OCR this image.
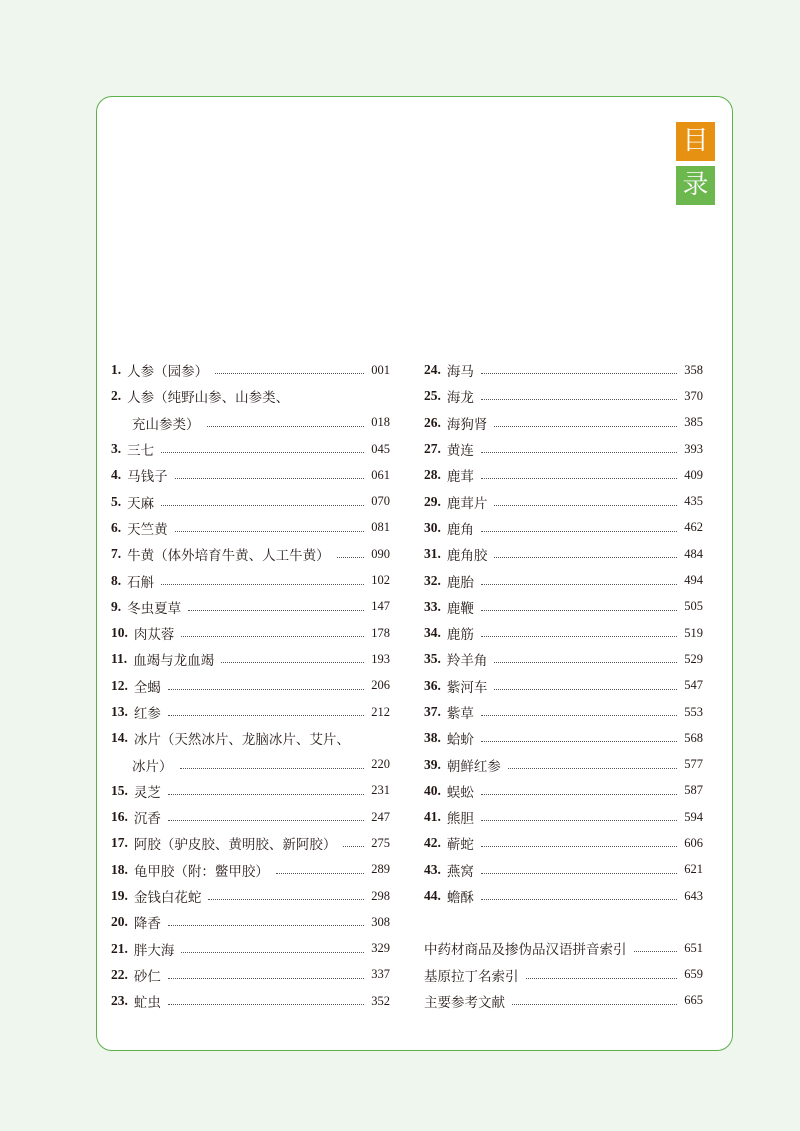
目
录
1. 人参（园参）	001
2. 人参（纯野山参、山参类、
充山参类）	018
3. 三七	045
4. 马钱子	061
5. 天麻	070
6. 天竺黄	081
7. 牛黄（体外培育牛黄、人工牛黄）	090
8. 石斛	102
9. 冬虫夏草	147
10. 肉苁蓉	178
11. 血竭与龙血竭	193
12. 全蝎	206
13. 红参	212
14. 冰片（天然冰片、龙脑冰片、艾片、
冰片）	220
15. 灵芝	231
16. 沉香	247
17. 阿胶（驴皮胶、黄明胶、新阿胶）	275
18. 龟甲胶（附：鳖甲胶）	289
19. 金钱白花蛇	298
20. 降香	308
21. 胖大海	329
22. 砂仁	337
23. 虻虫	352
24. 海马	358
25. 海龙	370
26. 海狗肾	385
27. 黄连	393
28. 鹿茸	409
29. 鹿茸片	435
30. 鹿角	462
31. 鹿角胶	484
32. 鹿胎	494
33. 鹿鞭	505
34. 鹿筋	519
35. 羚羊角	529
36. 紫河车	547
37. 紫草	553
38. 蛤蚧	568
39. 朝鲜红参	577
40. 蜈蚣	587
41. 熊胆	594
42. 蕲蛇	606
43. 燕窝	621
44. 蟾酥	643
中药材商品及掺伪品汉语拼音索引	651
基原拉丁名索引	659
主要参考文献	665
